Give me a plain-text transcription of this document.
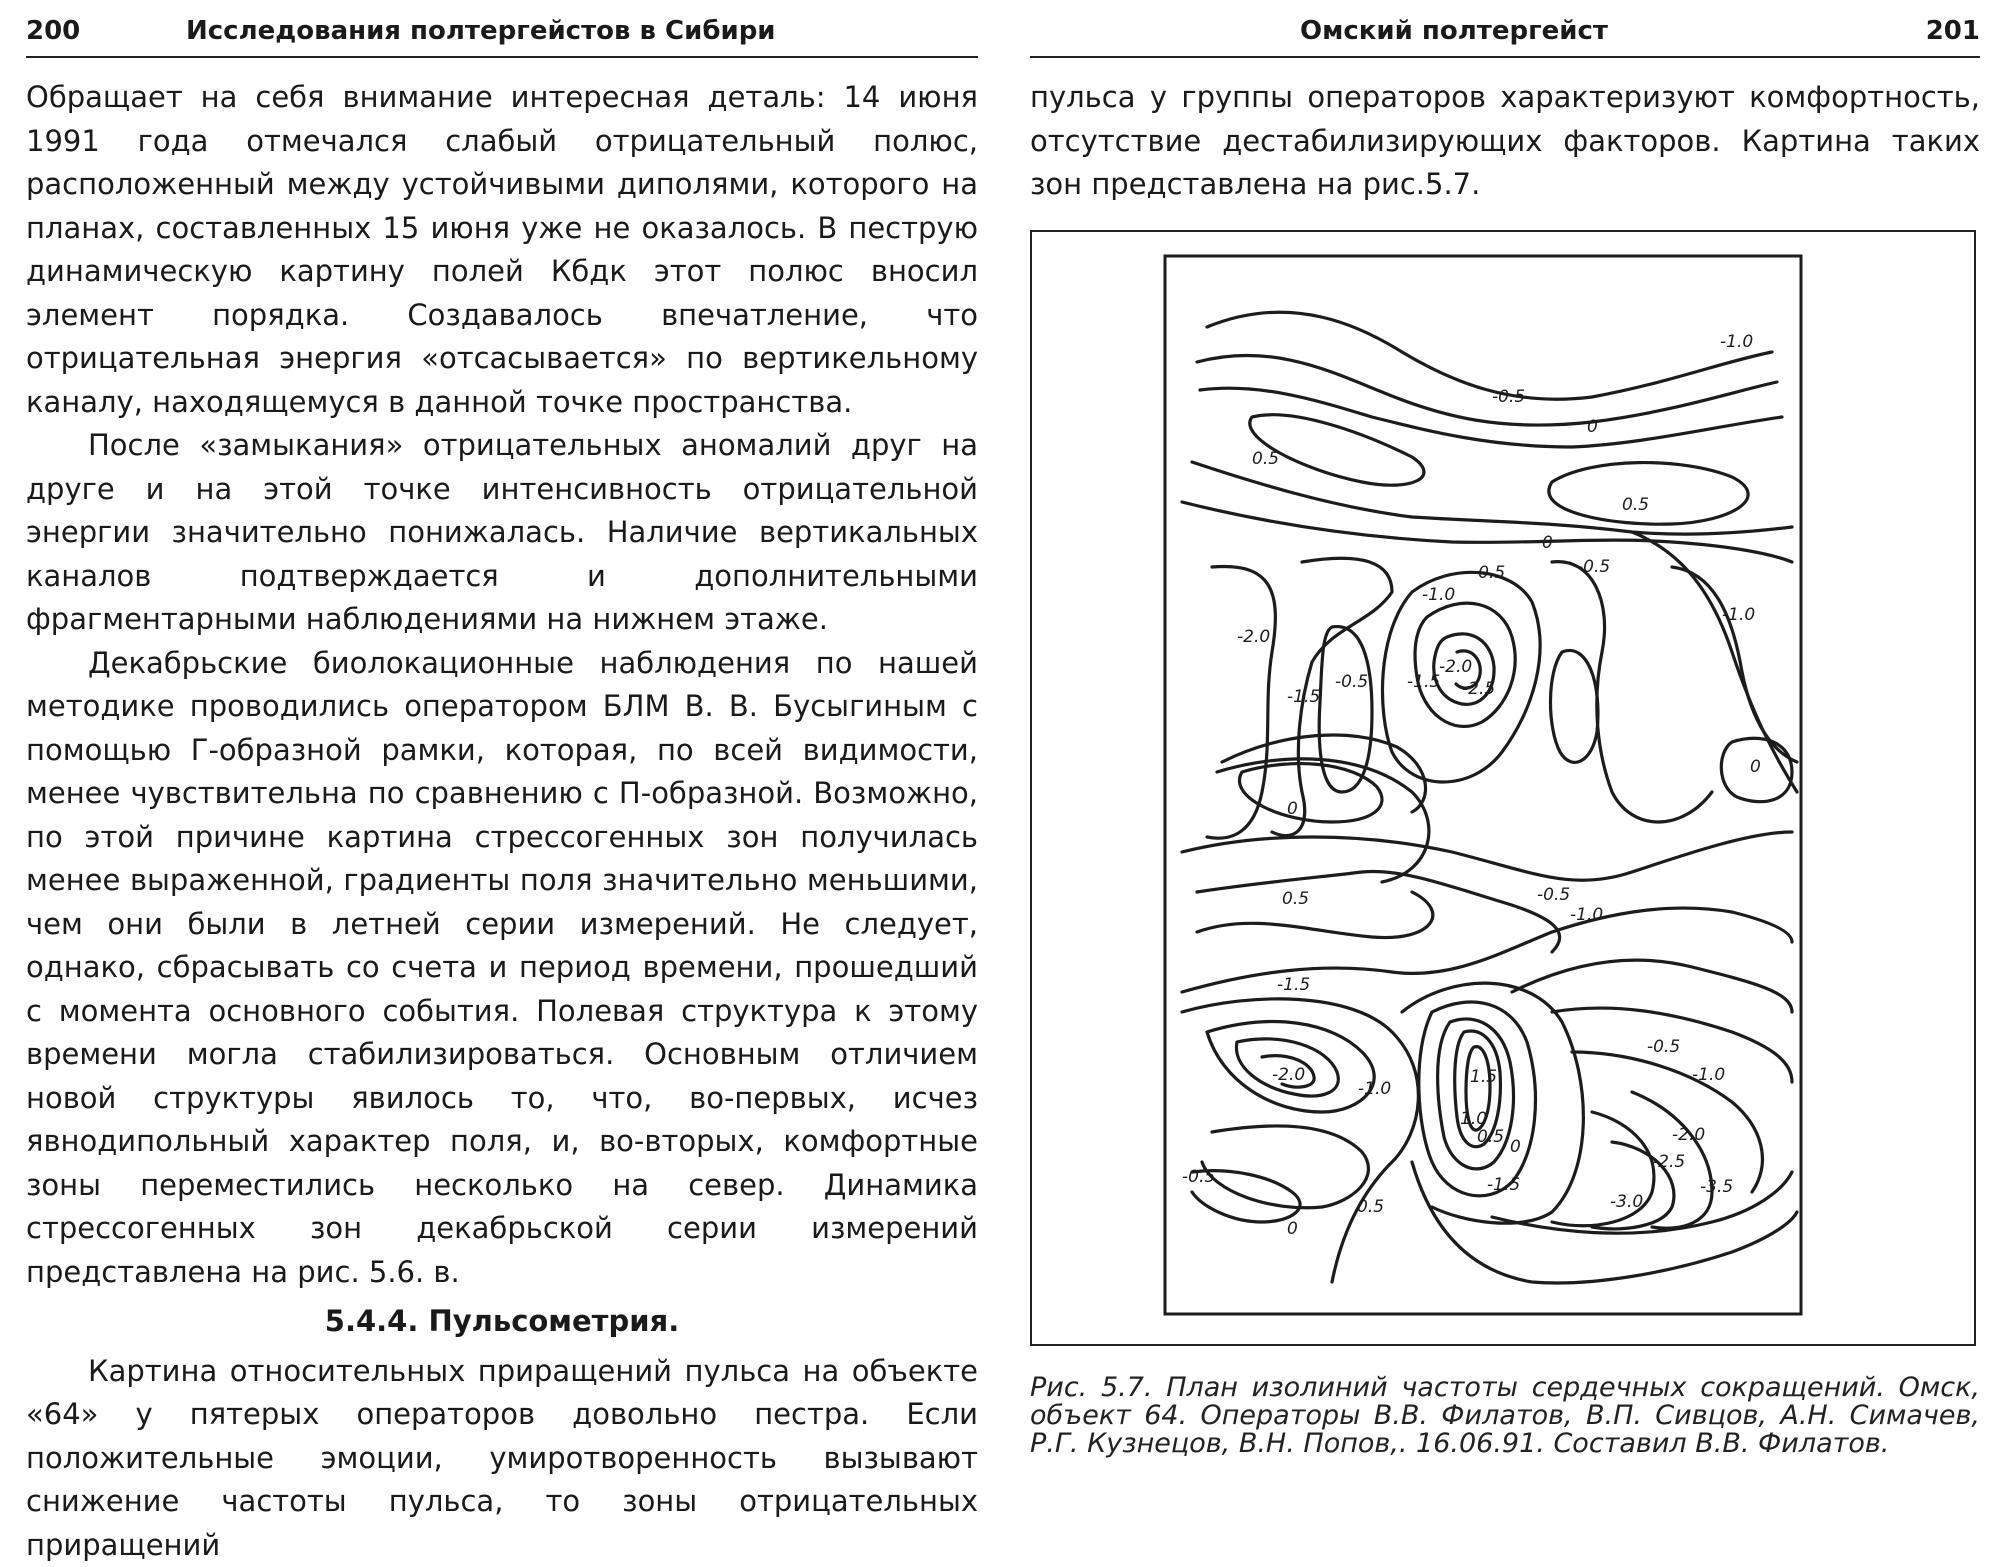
200	Исследования полтергейстов в Сибири

Обращает на себя внимание интересная деталь: 14 июня 1991 года отмечался слабый отрицательный полюс, расположенный между устойчивыми диполями, которого на планах, составленных 15 июня уже не оказалось. В пеструю динамическую картину полей Кбдк этот полюс вносил элемент порядка. Создавалось впечатление, что отрицательная энергия «отсасывается» по вертикельному каналу, находящемуся в данной точке пространства.

После «замыкания» отрицательных аномалий друг на друге и на этой точке интенсивность отрицательной энергии значительно понижалась. Наличие вертикальных каналов подтверждается и дополнительными фрагментарными наблюдениями на нижнем этаже.

Декабрьские биолокационные наблюдения по нашей методике проводились оператором БЛМ В. В. Бусыгиным с помощью Г-образной рамки, которая, по всей видимости, менее чувствительна по сравнению с П-образной. Возможно, по этой причине картина стрессогенных зон получилась менее выраженной, градиенты поля значительно меньшими, чем они были в летней серии измерений. Не следует, однако, сбрасывать со счета и период времени, прошедший с момента основного события. Полевая структура к этому времени могла стабилизироваться. Основным отличием новой структуры явилось то, что, во-первых, исчез явнодипольный характер поля, и, во-вторых, комфортные зоны переместились несколько на север. Динамика стрессогенных зон декабрьской серии измерений представлена на рис. 5.6. в.

5.4.4. Пульсометрия.

Картина относительных приращений пульса на объекте «64» у пятерых операторов довольно пестра. Если положительные эмоции, умиротворенность вызывают снижение частоты пульса, то зоны отрицательных приращений

Омский полтергейст	201

пульса у группы операторов характеризуют комфортность, отсутствие дестабилизирующих факторов. Картина таких зон представлена на рис.5.7.

-1.0
-0.5
0
0.5
0.5
0
-0.5
-1.0
-2.0
-1.5
-0.5 -1.5
-2.0
-2.5
-0.5
-1.0
0
0
0.5	-0.5
-1.0
-1.5
-2.0
-1.0
1.5
1.0
0.5 0
-0.5
-1.0
-2.0
-2.5
-3.0
-3.5
-1.5
-0.5
0.5
0
Рис. 5.7. План изолиний частоты сердечных сокращений. Омск, объект 64. Операторы В.В. Филатов, В.П. Сивцов, А.Н. Симачев, Р.Г. Кузнецов, В.Н. Попов,. 16.06.91. Составил В.В. Филатов.
